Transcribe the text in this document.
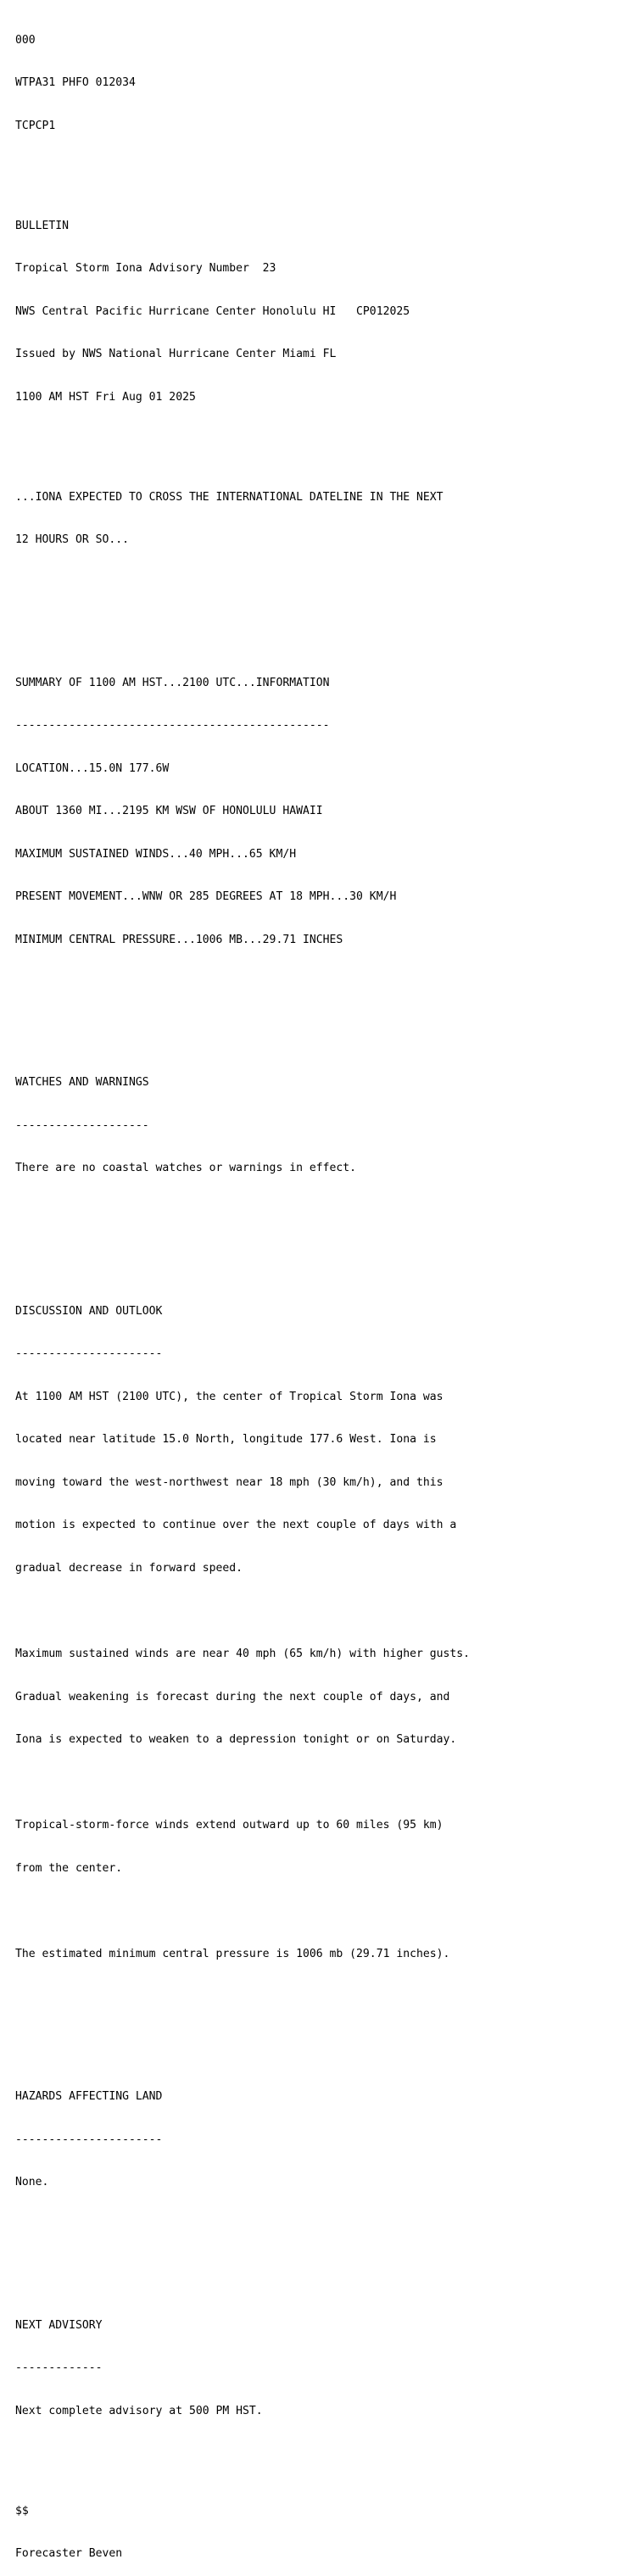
000

WTPA31 PHFO 012034

TCPCP1

BULLETIN

Tropical Storm Iona Advisory Number  23

NWS Central Pacific Hurricane Center Honolulu HI   CP012025

Issued by NWS National Hurricane Center Miami FL

1100 AM HST Fri Aug 01 2025

...IONA EXPECTED TO CROSS THE INTERNATIONAL DATELINE IN THE NEXT

12 HOURS OR SO...

SUMMARY OF 1100 AM HST...2100 UTC...INFORMATION

-----------------------------------------------

LOCATION...15.0N 177.6W

ABOUT 1360 MI...2195 KM WSW OF HONOLULU HAWAII

MAXIMUM SUSTAINED WINDS...40 MPH...65 KM/H

PRESENT MOVEMENT...WNW OR 285 DEGREES AT 18 MPH...30 KM/H

MINIMUM CENTRAL PRESSURE...1006 MB...29.71 INCHES

WATCHES AND WARNINGS

--------------------

There are no coastal watches or warnings in effect.

DISCUSSION AND OUTLOOK

----------------------

At 1100 AM HST (2100 UTC), the center of Tropical Storm Iona was

located near latitude 15.0 North, longitude 177.6 West. Iona is

moving toward the west-northwest near 18 mph (30 km/h), and this

motion is expected to continue over the next couple of days with a

gradual decrease in forward speed.

Maximum sustained winds are near 40 mph (65 km/h) with higher gusts.

Gradual weakening is forecast during the next couple of days, and

Iona is expected to weaken to a depression tonight or on Saturday.

Tropical-storm-force winds extend outward up to 60 miles (95 km)

from the center.

The estimated minimum central pressure is 1006 mb (29.71 inches).

HAZARDS AFFECTING LAND

----------------------

None.

NEXT ADVISORY

-------------

Next complete advisory at 500 PM HST.

$$

Forecaster Beven
